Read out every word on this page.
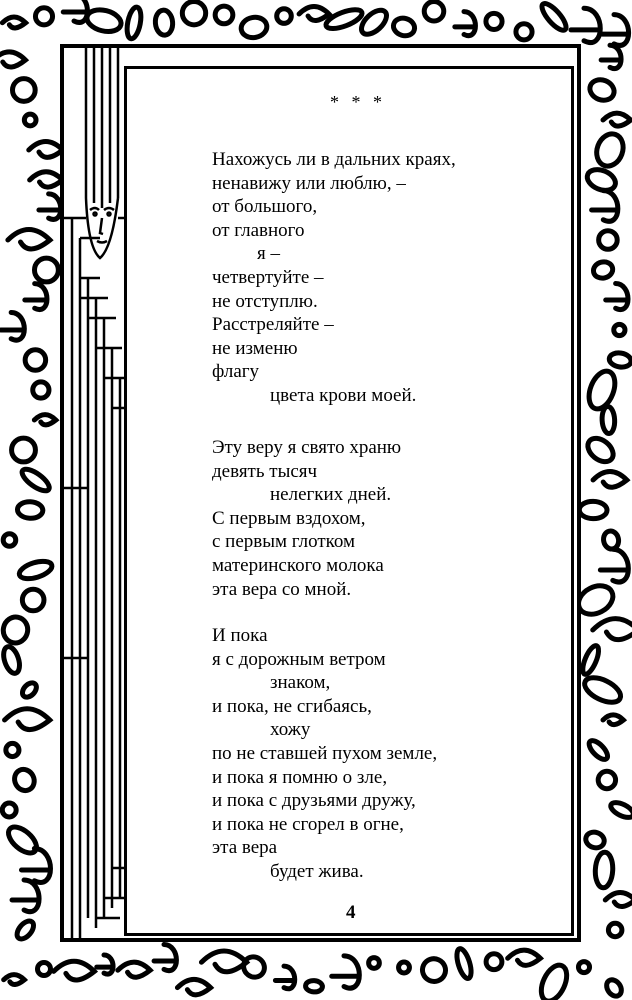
* * *
Нахожусь ли в дальних краях,
ненавижу или люблю, –
от большого,
от главного
я –
четвертуйте –
не отступлю.
Расстреляйте –
не изменю
флагу
цвета крови моей.
Эту веру я свято храню
девять тысяч
нелегких дней.
С первым вздохом,
с первым глотком
материнского молока
эта вера со мной.
И пока
я с дорожным ветром
знаком,
и пока, не сгибаясь,
хожу
по не ставшей пухом земле,
и пока я помню о зле,
и пока с друзьями дружу,
и пока не сгорел в огне,
эта вера
будет жива.
4
